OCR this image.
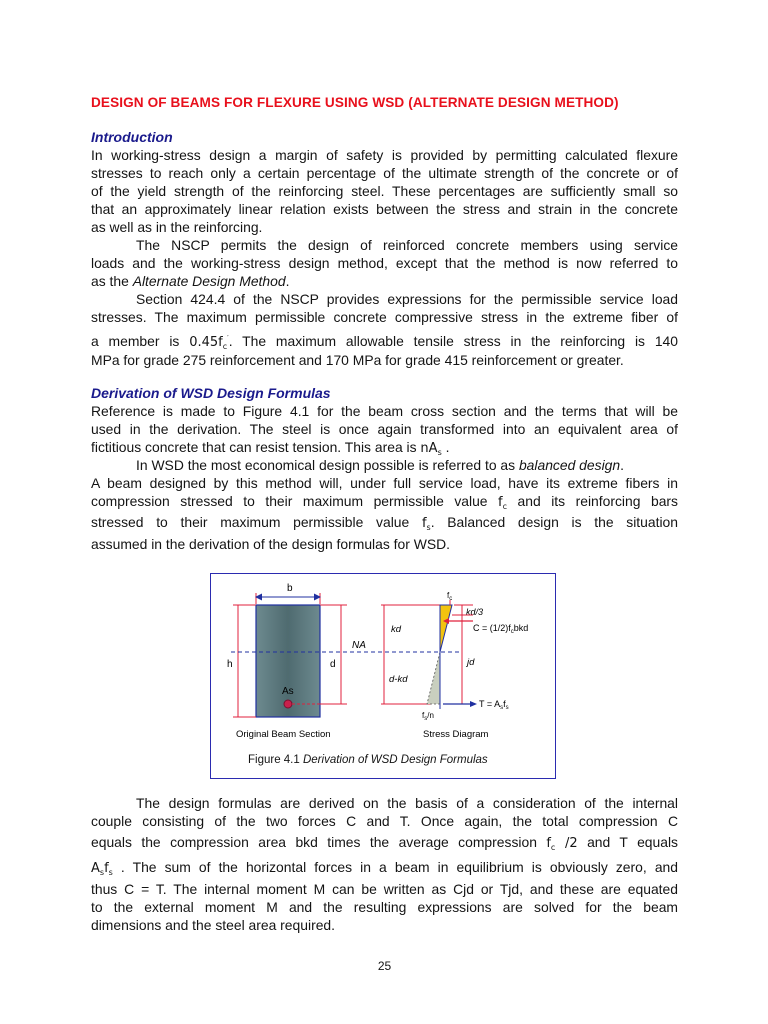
DESIGN OF BEAMS FOR FLEXURE USING WSD (ALTERNATE DESIGN METHOD)
Introduction
In working-stress design a margin of safety is provided by permitting calculated flexure
stresses to reach only a certain percentage of the ultimate strength of the concrete or of
of the yield strength of the reinforcing steel. These percentages are sufficiently small so
that an approximately linear relation exists between the stress and strain in the concrete
as well as in the reinforcing.
The NSCP permits the design of reinforced concrete members using service
loads and the working-stress design method, except that the method is now referred to
as the Alternate Design Method.
Section 424.4 of the NSCP provides expressions for the permissible service load
stresses. The maximum permissible concrete compressive stress in the extreme fiber of
a member is $0.45f_c'$. The maximum allowable tensile stress in the reinforcing is 140
MPa for grade 275 reinforcement and 170 MPa for grade 415 reinforcement or greater.
Derivation of WSD Design Formulas
Reference is made to Figure 4.1 for the beam cross section and the terms that will be
used in the derivation. The steel is once again transformed into an equivalent area of
fictitious concrete that can resist tension. This area is $nA_s$ .
In WSD the most economical design possible is referred to as balanced design.
A beam designed by this method will, under full service load, have its extreme fibers in
compression stressed to their maximum permissible value $f_c$ and its reinforcing bars
stressed to their maximum permissible value $f_s$. Balanced design is the situation
assumed in the derivation of the design formulas for WSD.
The design formulas are derived on the basis of a consideration of the internal
couple consisting of the two forces C and T. Once again, the total compression C
equals the compression area bkd times the average compression $f_c$ /2 and T equals
$A_sf_s$ . The sum of the horizontal forces in a beam in equilibrium is obviously zero, and
thus C = T. The internal moment M can be written as Cjd or Tjd, and these are equated
to the external moment M and the resulting expressions are solved for the beam
dimensions and the steel area required.
25
b
h	d
As
NA
kd
d-kd
$f_c$
kd/3
$C = (1/2)f_cbkd$
jd
$T = A_sf_s$
$f_s/n$
Original Beam Section	Stress Diagram
Figure 4.1 Derivation of WSD Design Formulas
